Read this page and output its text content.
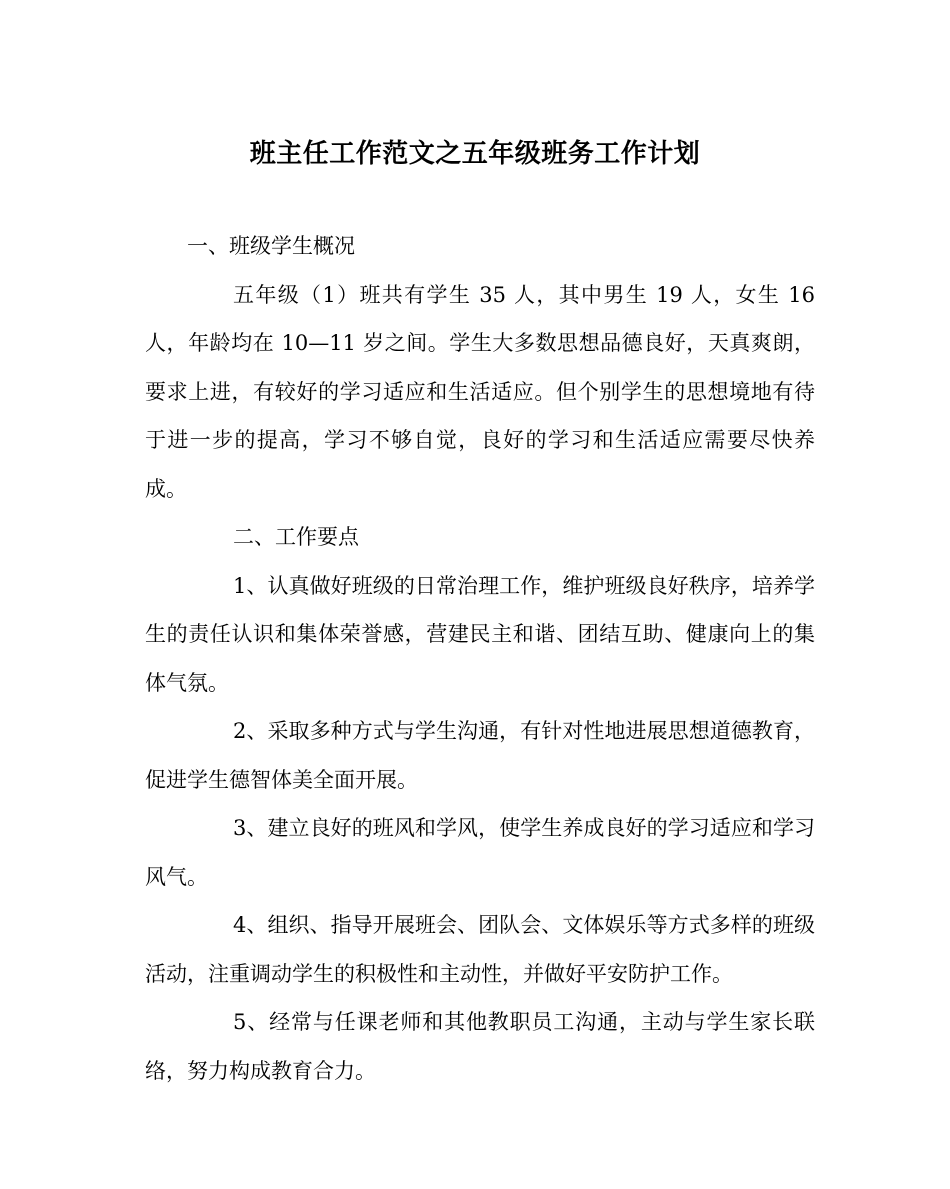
班主任工作范文之五年级班务工作计划

一、班级学生概况

五年级（1）班共有学生 35 人，其中男生 19 人，女生 16 人，年龄均在 10—11 岁之间。学生大多数思想品德良好，天真爽朗，要求上进，有较好的学习适应和生活适应。但个别学生的思想境地有待于进一步的提高，学习不够自觉，良好的学习和生活适应需要尽快养成。

二、工作要点

1、认真做好班级的日常治理工作，维护班级良好秩序，培养学生的责任认识和集体荣誉感，营建民主和谐、团结互助、健康向上的集体气氛。

2、采取多种方式与学生沟通，有针对性地进展思想道德教育，促进学生德智体美全面开展。

3、建立良好的班风和学风，使学生养成良好的学习适应和学习风气。

4、组织、指导开展班会、团队会、文体娱乐等方式多样的班级活动，注重调动学生的积极性和主动性，并做好平安防护工作。

5、经常与任课老师和其他教职员工沟通，主动与学生家长联络，努力构成教育合力。
